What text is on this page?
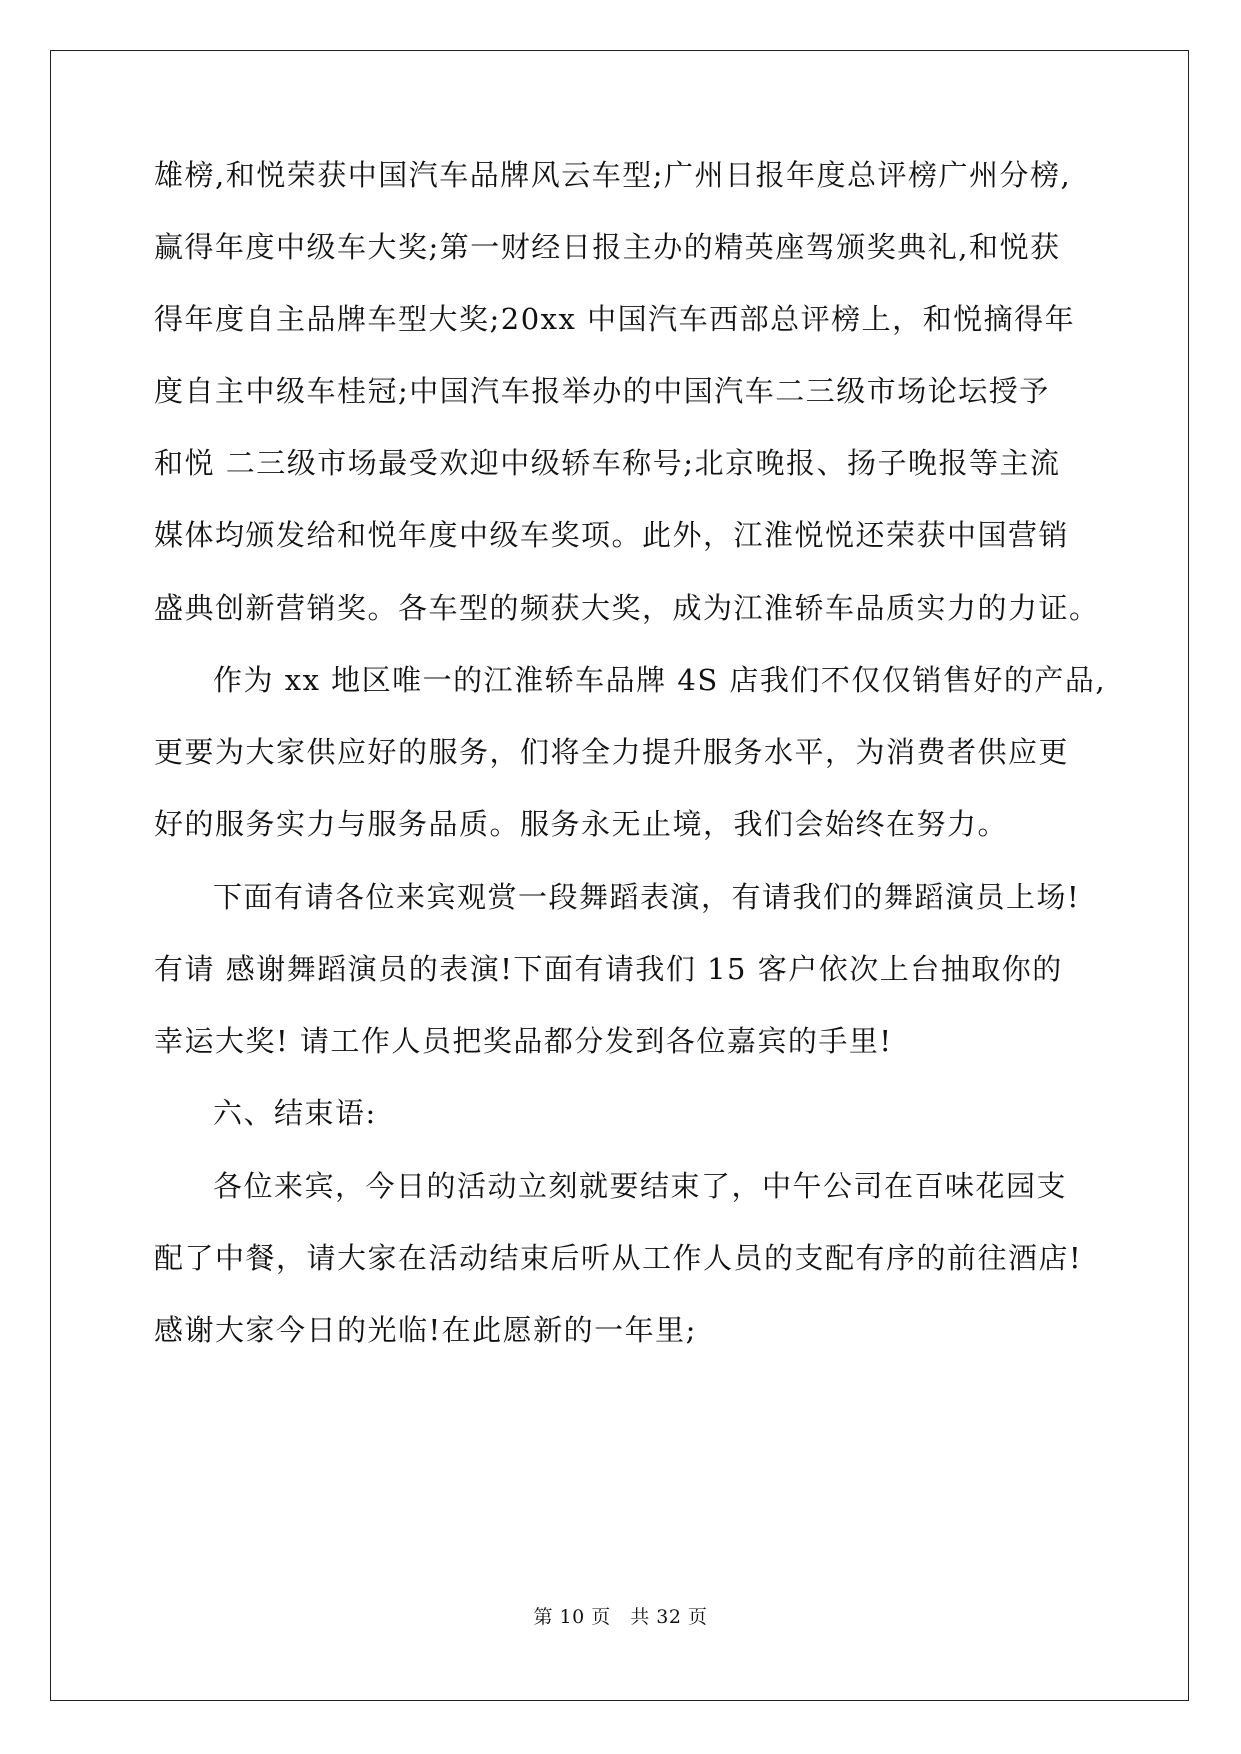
雄榜,和悦荣获中国汽车品牌风云车型;广州日报年度总评榜广州分榜,
赢得年度中级车大奖;第一财经日报主办的精英座驾颁奖典礼,和悦获
得年度自主品牌车型大奖;20xx 中国汽车西部总评榜上，和悦摘得年
度自主中级车桂冠;中国汽车报举办的中国汽车二三级市场论坛授予
和悦 二三级市场最受欢迎中级轿车称号;北京晚报、扬子晚报等主流
媒体均颁发给和悦年度中级车奖项。此外，江淮悦悦还荣获中国营销
盛典创新营销奖。各车型的频获大奖，成为江淮轿车品质实力的力证。
作为 xx 地区唯一的江淮轿车品牌 4S 店我们不仅仅销售好的产品,
更要为大家供应好的服务，们将全力提升服务水平，为消费者供应更
好的服务实力与服务品质。服务永无止境，我们会始终在努力。
下面有请各位来宾观赏一段舞蹈表演，有请我们的舞蹈演员上场!
有请 感谢舞蹈演员的表演!下面有请我们 15 客户依次上台抽取你的
幸运大奖! 请工作人员把奖品都分发到各位嘉宾的手里!
六、结束语:
各位来宾，今日的活动立刻就要结束了，中午公司在百味花园支
配了中餐，请大家在活动结束后听从工作人员的支配有序的前往酒店!
感谢大家今日的光临!在此愿新的一年里;
第 10 页　共 32 页
